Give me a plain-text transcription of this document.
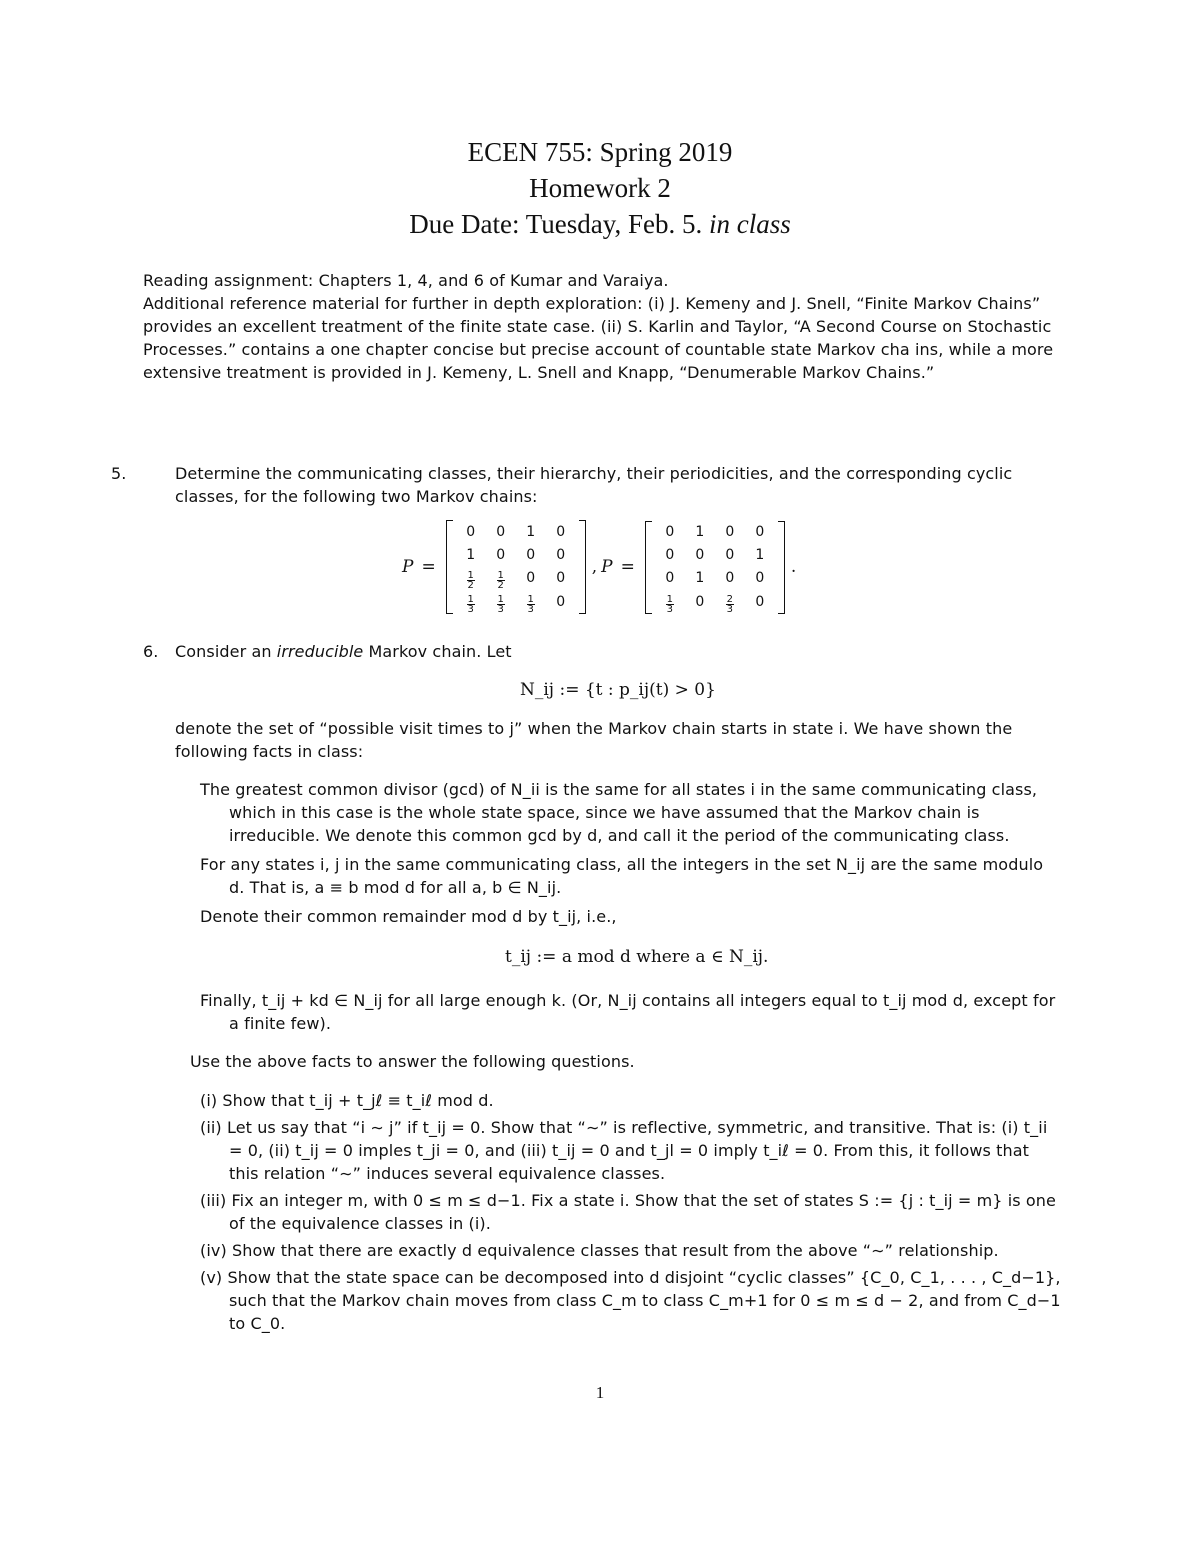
ECEN 755: Spring 2019
Homework 2
Due Date: Tuesday, Feb. 5. in class

Reading assignment: Chapters 1, 4, and 6 of Kumar and Varaiya.

Additional reference material for further in depth exploration: (i) J. Kemeny and J. Snell, “Finite Markov Chains” provides an excellent treatment of the finite state case. (ii) S. Karlin and Taylor, “A Second Course on Stochastic Processes.” contains a one chapter concise but precise account of countable state Markov cha ins, while a more extensive treatment is provided in J. Kemeny, L. Snell and Knapp, “Denumerable Markov Chains.”

5.	Determine the communicating classes, their hierarchy, their periodicities, and the corresponding cyclic classes, for the following two Markov chains:
P =
0	0	1	0
1	0	0	0

$\frac{1}{2}$	$\frac{1}{2}$	0	0

$\frac{1}{3}$	$\frac{1}{3}$	$\frac{1}{3}$	0
, P =
0	1	0	0
0	0	0	1
0	1	0	0

$\frac{1}{3}$	0	$\frac{2}{3}$	0
.
6. Consider an irreducible Markov chain. Let
N_ij := {t : p_ij(t) > 0}
denote the set of “possible visit times to j” when the Markov chain starts in state i. We have shown the following facts in class:

The greatest common divisor (gcd) of N_ii is the same for all states i in the same communicating class, which in this case is the whole state space, since we have assumed that the Markov chain is irreducible. We denote this common gcd by d, and call it the period of the communicating class.

For any states i, j in the same communicating class, all the integers in the set N_ij are the same modulo d. That is, a ≡ b mod d for all a, b ∈ N_ij.

Denote their common remainder mod d by t_ij, i.e.,

t_ij := a mod d where a ∈ N_ij.

Finally, t_ij + kd ∈ N_ij for all large enough k. (Or, N_ij contains all integers equal to t_ij mod d, except for a finite few).

Use the above facts to answer the following questions.

(i) Show that t_ij + t_jℓ ≡ t_iℓ mod d.

(ii) Let us say that “i ∼ j” if t_ij = 0. Show that “∼” is reflective, symmetric, and transitive. That is: (i) t_ii = 0, (ii) t_ij = 0 imples t_ji = 0, and (iii) t_ij = 0 and t_jl = 0 imply t_iℓ = 0. From this, it follows that this relation “∼” induces several equivalence classes.

(iii) Fix an integer m, with 0 ≤ m ≤ d−1. Fix a state i. Show that the set of states S := {j : t_ij = m} is one of the equivalence classes in (i).

(iv) Show that there are exactly d equivalence classes that result from the above “∼” relationship.

(v) Show that the state space can be decomposed into d disjoint “cyclic classes” {C_0, C_1, . . . , C_d−1}, such that the Markov chain moves from class C_m to class C_m+1 for 0 ≤ m ≤ d − 2, and from C_d−1 to C_0.

1
